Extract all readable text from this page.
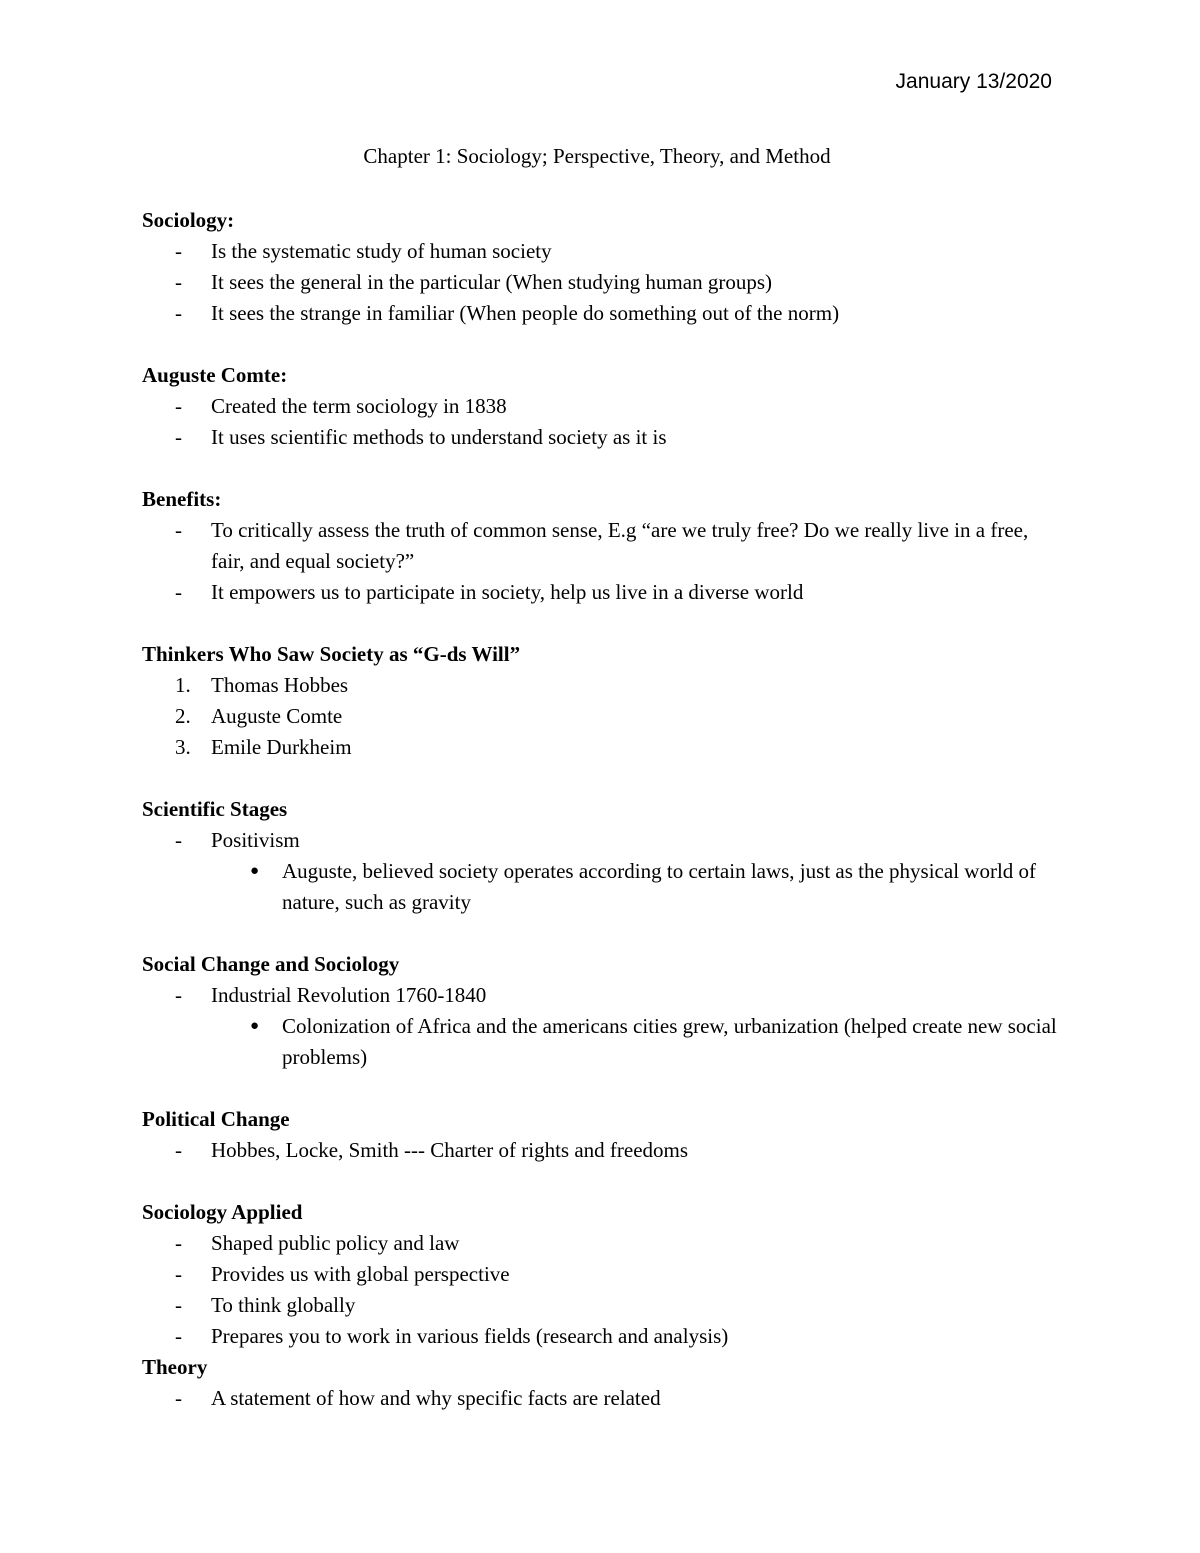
January 13/2020
Chapter 1: Sociology; Perspective, Theory, and Method
Sociology:
- Is the systematic study of human society
- It sees the general in the particular (When studying human groups)
- It sees the strange in familiar (When people do something out of the norm)
Auguste Comte:
- Created the term sociology in 1838
- It uses scientific methods to understand society as it is
Benefits:
- To critically assess the truth of common sense, E.g “are we truly free? Do we really live in a free, fair, and equal society?”
- It empowers us to participate in society, help us live in a diverse world
Thinkers Who Saw Society as “G-ds Will”
1. Thomas Hobbes
2. Auguste Comte
3. Emile Durkheim
Scientific Stages
- Positivism
● Auguste, believed society operates according to certain laws, just as the physical world of nature, such as gravity
Social Change and Sociology
- Industrial Revolution 1760-1840
● Colonization of Africa and the americans cities grew, urbanization (helped create new social problems)
Political Change
- Hobbes, Locke, Smith --- Charter of rights and freedoms
Sociology Applied
- Shaped public policy and law
- Provides us with global perspective
- To think globally
- Prepares you to work in various fields (research and analysis)
Theory
- A statement of how and why specific facts are related
